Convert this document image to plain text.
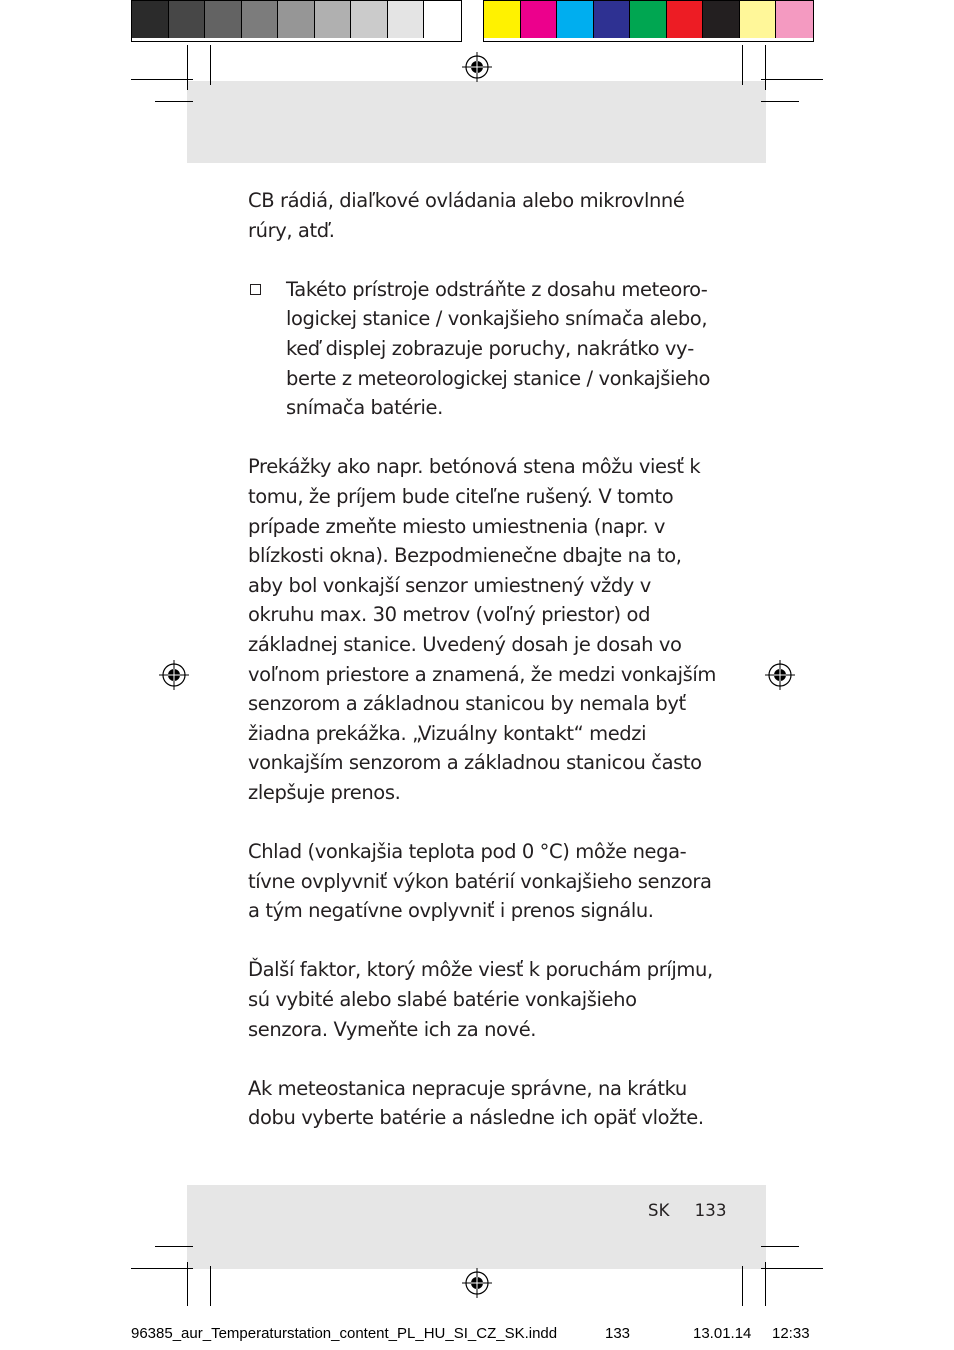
CB rádiá, diaľkové ovládania alebo mikrovlnné rúry, atď.

Takéto prístroje odstráňte z dosahu meteorologickej stanice / vonkajšieho snímača alebo, keď displej zobrazuje poruchy, nakrátko vyberte z meteorologickej stanice / vonkajšieho snímača batérie.

Prekážky ako napr. betónová stena môžu viesť k tomu, že príjem bude citeľne rušený. V tomto prípade zmeňte miesto umiestnenia (napr. v blízkosti okna). Bezpodmienečne dbajte na to, aby bol vonkajší senzor umiestnený vždy v okruhu max. 30 metrov (voľný priestor) od základnej stanice. Uvedený dosah je dosah vo voľnom priestore a znamená, že medzi vonkajším senzorom a základnou stanicou by nemala byť žiadna prekážka. „Vizuálny kontakt“ medzi vonkajším senzorom a základnou stanicou často zlepšuje prenos.

Chlad (vonkajšia teplota pod 0 °C) môže negatívne ovplyvniť výkon batérií vonkajšieho senzora a tým negatívne ovplyvniť i prenos signálu.

Ďalší faktor, ktorý môže viesť k poruchám príjmu, sú vybité alebo slabé batérie vonkajšieho senzora. Vymeňte ich za nové.

Ak meteostanica nepracuje správne, na krátku dobu vyberte batérie a následne ich opäť vložte.

SK 133
96385_aur_Temperaturstation_content_PL_HU_SI_CZ_SK.indd	133	13.01.14 12:33
